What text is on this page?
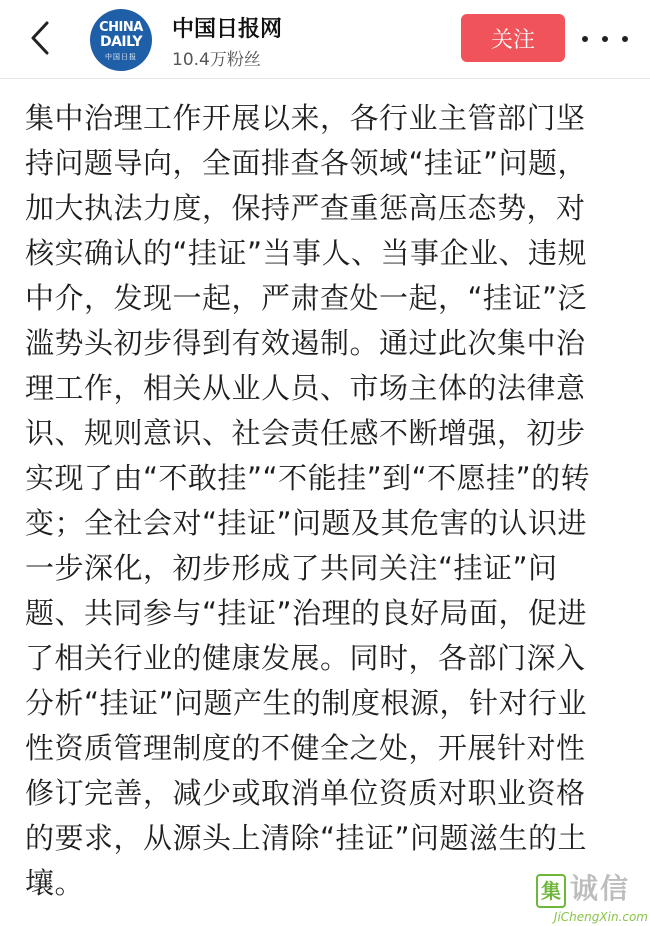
CHINA
DAILY
中国日报
中国日报网
10.4万粉丝
关注
集中治理工作开展以来，各行业主管部门坚
持问题导向，全面排查各领域“挂证”问题，
加大执法力度，保持严查重惩高压态势，对
核实确认的“挂证”当事人、当事企业、违规
中介，发现一起，严肃查处一起，“挂证”泛
滥势头初步得到有效遏制。通过此次集中治
理工作，相关从业人员、市场主体的法律意
识、规则意识、社会责任感不断增强，初步
实现了由“不敢挂”“不能挂”到“不愿挂”的转
变；全社会对“挂证”问题及其危害的认识进
一步深化，初步形成了共同关注“挂证”问
题、共同参与“挂证”治理的良好局面，促进
了相关行业的健康发展。同时，各部门深入
分析“挂证”问题产生的制度根源，针对行业
性资质管理制度的不健全之处，开展针对性
修订完善，减少或取消单位资质对职业资格
的要求，从源头上清除“挂证”问题滋生的土
壤。	集 诚信
JiChengXin.com
